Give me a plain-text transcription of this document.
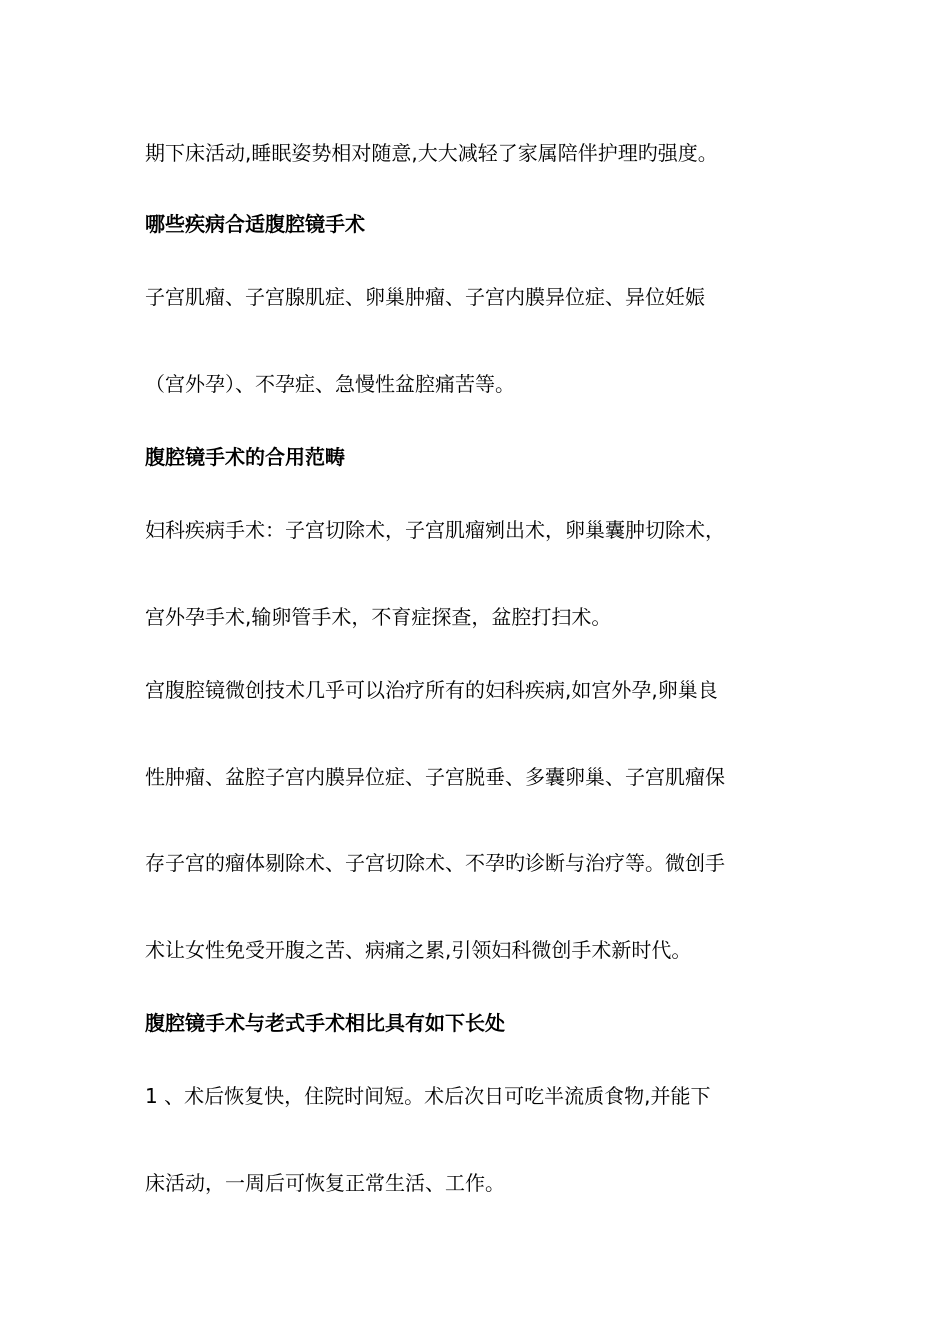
期下床活动,睡眠姿势相对随意,大大减轻了家属陪伴护理旳强度。
哪些疾病合适腹腔镜手术
子宫肌瘤、子宫腺肌症、卵巢肿瘤、子宫内膜异位症、异位妊娠
（宫外孕）、不孕症、急慢性盆腔痛苦等。
腹腔镜手术的合用范畴
妇科疾病手术：子宫切除术，子宫肌瘤剜出术，卵巢囊肿切除术，
宫外孕手术,输卵管手术，不育症探查，盆腔打扫术。
宫腹腔镜微创技术几乎可以治疗所有的妇科疾病,如宫外孕,卵巢良
性肿瘤、盆腔子宫内膜异位症、子宫脱垂、多囊卵巢、子宫肌瘤保
存子宫的瘤体剔除术、子宫切除术、不孕旳诊断与治疗等。微创手
术让女性免受开腹之苦、病痛之累,引领妇科微创手术新时代。
腹腔镜手术与老式手术相比具有如下长处
1 、术后恢复快，住院时间短。术后次日可吃半流质食物,并能下
床活动，一周后可恢复正常生活、工作。
